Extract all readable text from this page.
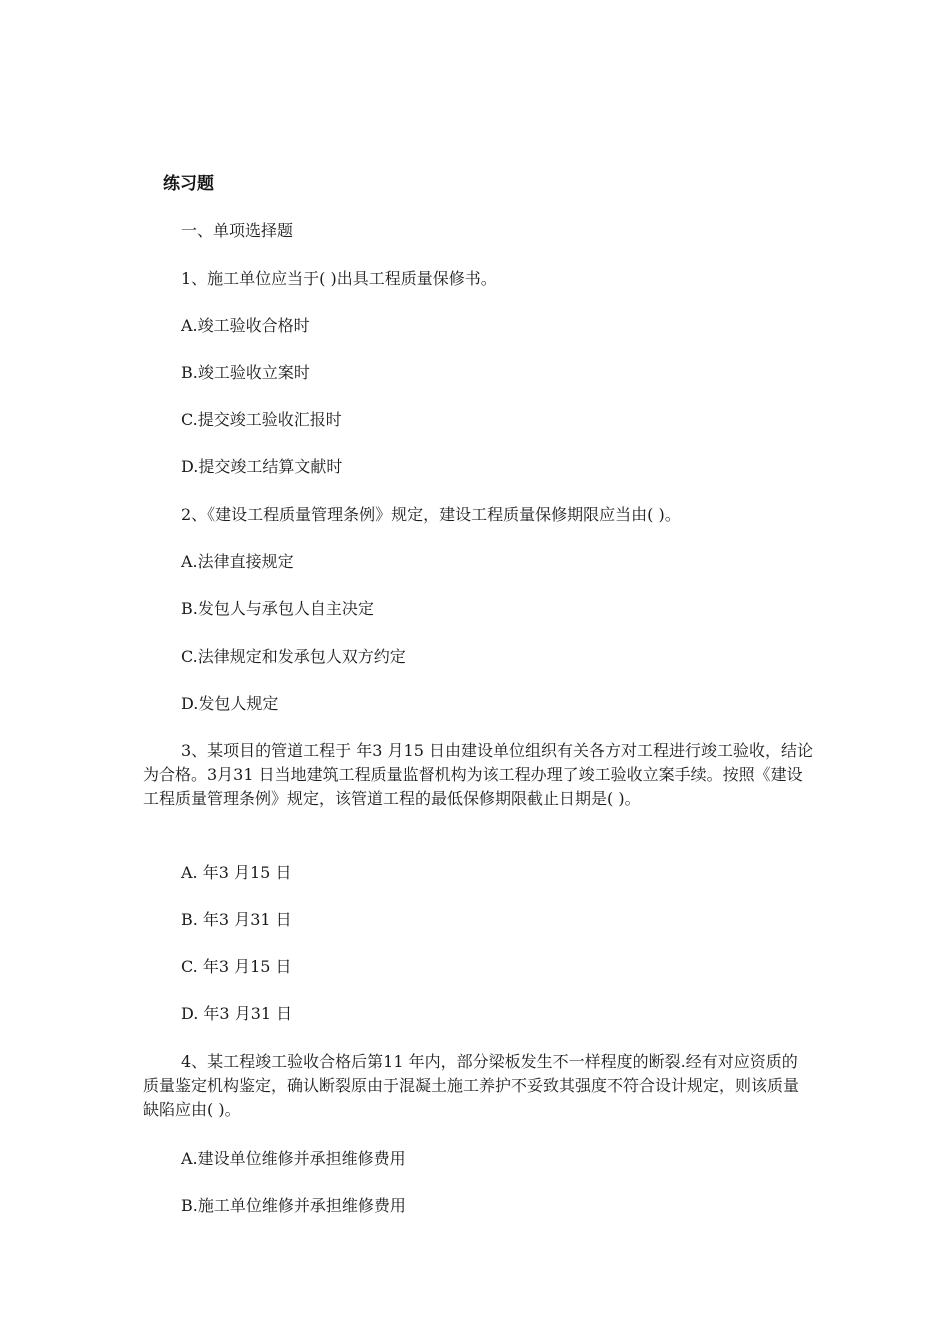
练习题
一、单项选择题
1、施工单位应当于( )出具工程质量保修书。
A.竣工验收合格时
B.竣工验收立案时
C.提交竣工验收汇报时
D.提交竣工结算文献时
2、《建设工程质量管理条例》规定，建设工程质量保修期限应当由( )。
A.法律直接规定
B.发包人与承包人自主决定
C.法律规定和发承包人双方约定
D.发包人规定
3、某项目的管道工程于 年3 月15 日由建设单位组织有关各方对工程进行竣工验收，结论为合格。3月31 日当地建筑工程质量监督机构为该工程办理了竣工验收立案手续。按照《建设工程质量管理条例》规定，该管道工程的最低保修期限截止日期是( )。
A. 年3 月15 日
B. 年3 月31 日
C. 年3 月15 日
D. 年3 月31 日
4、某工程竣工验收合格后第11 年内，部分梁板发生不一样程度的断裂.经有对应资质的质量鉴定机构鉴定，确认断裂原由于混凝土施工养护不妥致其强度不符合设计规定，则该质量缺陷应由( )。
A.建设单位维修并承担维修费用
B.施工单位维修并承担维修费用
